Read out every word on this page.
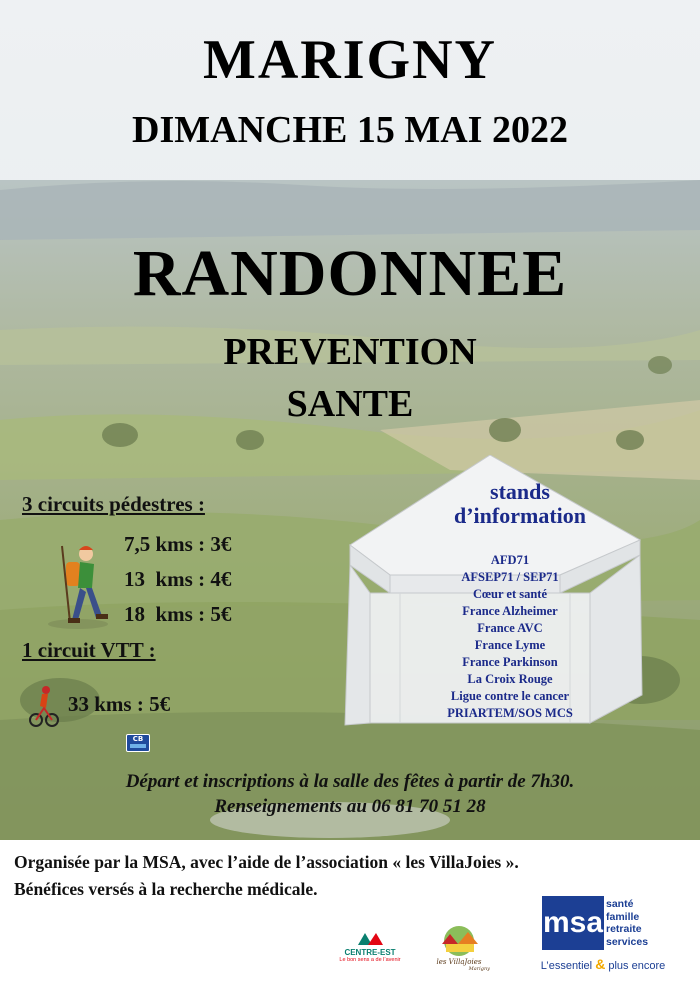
MARIGNY
DIMANCHE 15 MAI 2022
RANDONNEE
PREVENTION
SANTE
3 circuits pédestres :
7,5 kms : 3€
13  kms : 4€
18  kms : 5€
1 circuit VTT :
33 kms : 5€
CB
stands
d’information
AFD71
AFSEP71 / SEP71
Cœur et santé
France Alzheimer
France AVC
France Lyme
France Parkinson
La Croix Rouge
Ligue contre le cancer
PRIARTEM/SOS MCS
Départ et inscriptions à la salle des fêtes à partir de 7h30.
Renseignements au 06 81 70 51 28
Organisée par la MSA, avec l’aide de l’association « les VillaJoies ».
Bénéfices versés à la recherche médicale.
CENTRE-EST
Le bon sens a de l’avenir	les VillaJoies
Marigny
msa
santé
famille
retraite
services
L’essentiel & plus encore
